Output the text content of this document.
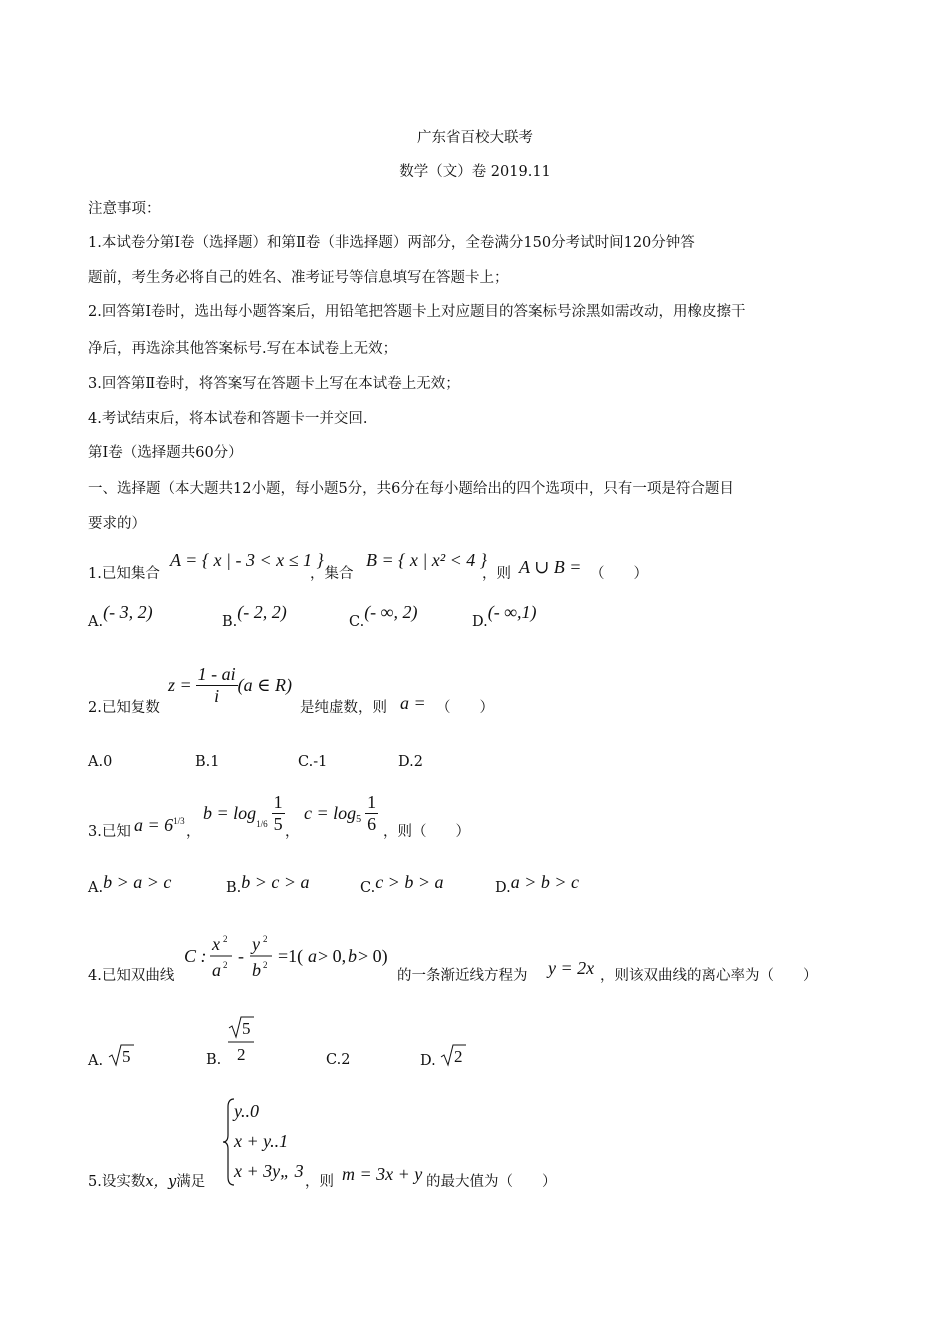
广东省百校大联考
数学（文）卷 2019.11
注意事项：
1.本试卷分第Ⅰ卷（选择题）和第Ⅱ卷（非选择题）两部分，全卷满分150分考试时间120分钟答
题前，考生务必将自己的姓名、准考证号等信息填写在答题卡上；
2.回答第Ⅰ卷时，选出每小题答案后，用铅笔把答题卡上对应题目的答案标号涂黑如需改动，用橡皮擦干
净后，再选涂其他答案标号.写在本试卷上无效；
3.回答第Ⅱ卷时，将答案写在答题卡上写在本试卷上无效；
4.考试结束后，将本试卷和答题卡一并交回.
第Ⅰ卷（选择题共60分）
一、选择题（本大题共12小题，每小题5分，共6分在每小题给出的四个选项中，只有一项是符合题目
要求的）
1.已知集合
A = { x | - 3 < x ≤ 1 }
，集合
B = { x | x² < 4 }
，则 A ∪ B = （　　）
A.(- 3, 2)	B.(- 2, 2)	C.(- ∞, 2)	D.(- ∞,1)
2.已知复数
$z = \frac{1 - ai}{i} (a$ ∈ R)
是纯虚数，则 a = （　　）
A.0	B.1	C.-1	D.2
3.已知 $a = 6^{1/3}$
，
b = log
$_{1/6} \frac{1}{5}$ ，
$c = \log_5 \frac{1}{6}$ ，则（　　）
A.b > a > c	B.b > c > a	C.c > b > a	D.a > b > c
4.已知双曲线
C :
x 2
a 2 -
y 2
b 2 =1( a > 0, b > 0)
的一条渐近线方程为 y = 2x ，则该双曲线的离心率为（　　）
A. 5	B.
5
2	C.2	D. 2
5.设实数x，y满足
y..0
x + y..1
x + 3y„ 3
，则 m = 3x + y 的最大值为（　　）
